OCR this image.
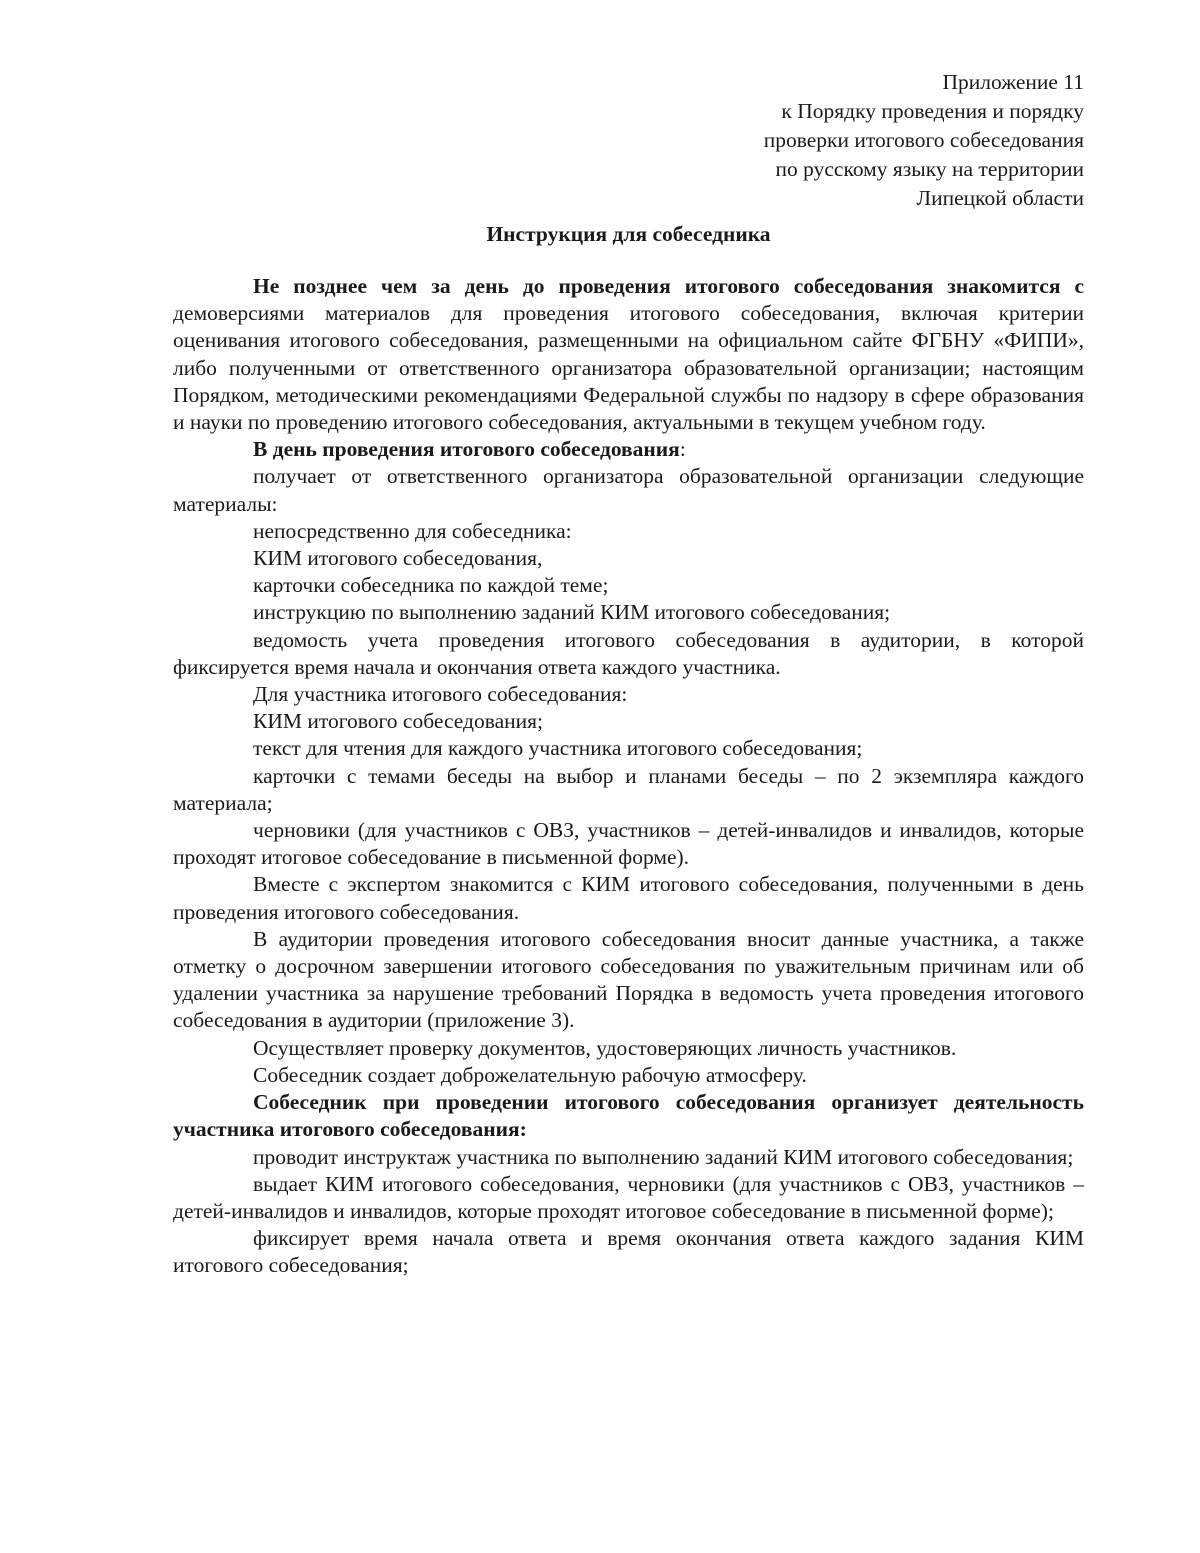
Приложение 11
к Порядку проведения и порядку
проверки итогового собеседования
по русскому языку на территории
Липецкой области
Инструкция для собеседника

Не позднее чем за день до проведения итогового собеседования знакомится с демоверсиями материалов для проведения итогового собеседования, включая критерии оценивания итогового собеседования, размещенными на официальном сайте ФГБНУ «ФИПИ», либо полученными от ответственного организатора образовательной организации; настоящим Порядком, методическими рекомендациями Федеральной службы по надзору в сфере образования и науки по проведению итогового собеседования, актуальными в текущем учебном году.

В день проведения итогового собеседования:

получает от ответственного организатора образовательной организации следующие материалы:

непосредственно для собеседника:

КИМ итогового собеседования,

карточки собеседника по каждой теме;

инструкцию по выполнению заданий КИМ итогового собеседования;

ведомость учета проведения итогового собеседования в аудитории, в которой фиксируется время начала и окончания ответа каждого участника.

Для участника итогового собеседования:

КИМ итогового собеседования;

текст для чтения для каждого участника итогового собеседования;

карточки с темами беседы на выбор и планами беседы – по 2 экземпляра каждого материала;

черновики (для участников с ОВЗ, участников – детей-инвалидов и инвалидов, которые проходят итоговое собеседование в письменной форме).

Вместе с экспертом знакомится с КИМ итогового собеседования, полученными в день проведения итогового собеседования.

В аудитории проведения итогового собеседования вносит данные участника, а также отметку о досрочном завершении итогового собеседования по уважительным причинам или об удалении участника за нарушение требований Порядка в ведомость учета проведения итогового собеседования в аудитории (приложение 3).

Осуществляет проверку документов, удостоверяющих личность участников.

Собеседник создает доброжелательную рабочую атмосферу.

Собеседник при проведении итогового собеседования организует деятельность участника итогового собеседования:

проводит инструктаж участника по выполнению заданий КИМ итогового собеседования;

выдает КИМ итогового собеседования, черновики (для участников с ОВЗ, участников – детей-инвалидов и инвалидов, которые проходят итоговое собеседование в письменной форме);

фиксирует время начала ответа и время окончания ответа каждого задания КИМ итогового собеседования;
